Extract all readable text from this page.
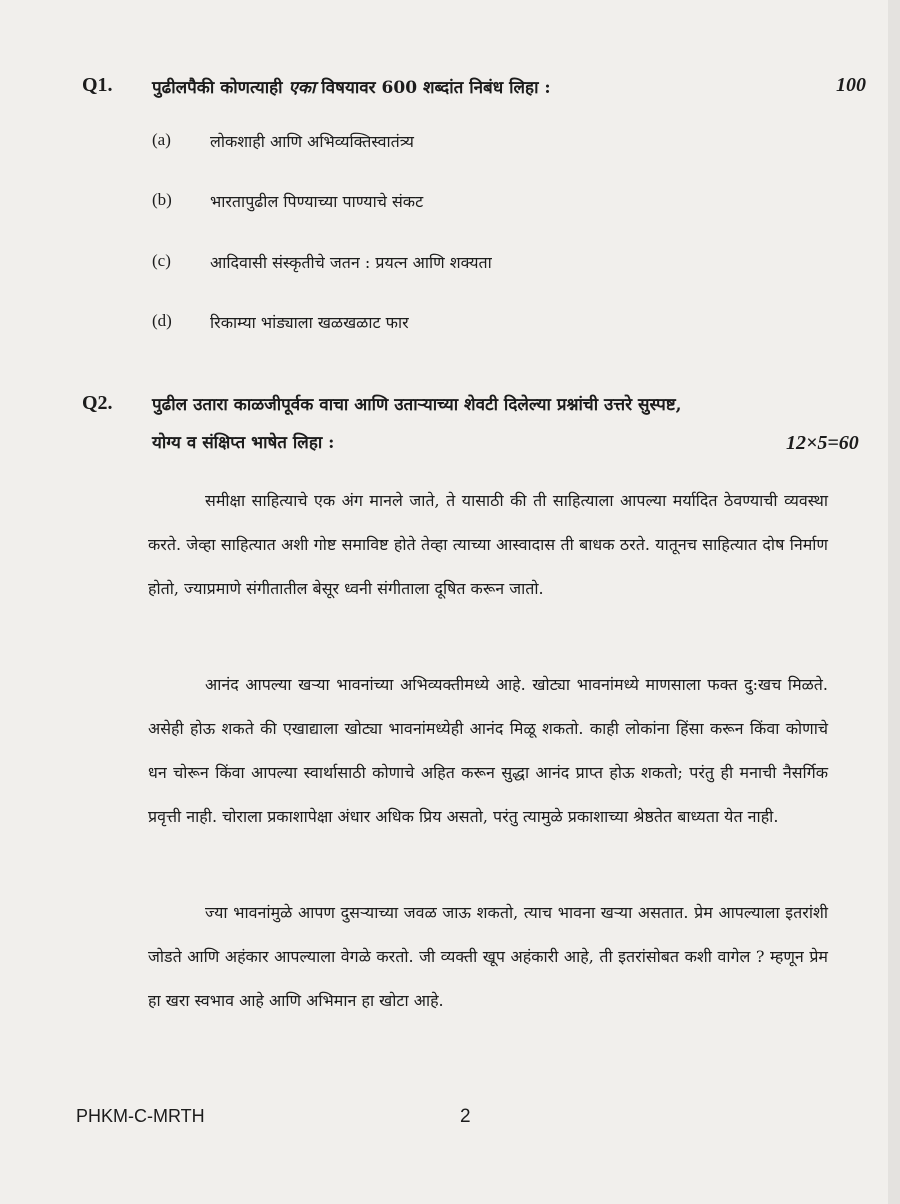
Q1. पुढीलपैकी कोणत्याही एका विषयावर 600 शब्दांत निबंध लिहा :	100
(a) लोकशाही आणि अभिव्यक्तिस्वातंत्र्य
(b) भारतापुढील पिण्याच्या पाण्याचे संकट
(c) आदिवासी संस्कृतीचे जतन : प्रयत्न आणि शक्यता
(d) रिकाम्या भांड्याला खळखळाट फार
Q2. पुढील उतारा काळजीपूर्वक वाचा आणि उताऱ्याच्या शेवटी दिलेल्या प्रश्नांची उत्तरे सुस्पष्ट,
योग्य व संक्षिप्त भाषेत लिहा :	12×5=60

समीक्षा साहित्याचे एक अंग मानले जाते, ते यासाठी की ती साहित्याला आपल्या मर्यादित ठेवण्याची व्यवस्था करते. जेव्हा साहित्यात अशी गोष्ट समाविष्ट होते तेव्हा त्याच्या आस्वादास ती बाधक ठरते. यातूनच साहित्यात दोष निर्माण होतो, ज्याप्रमाणे संगीतातील बेसूर ध्वनी संगीताला दूषित करून जातो.

आनंद आपल्या खऱ्या भावनांच्या अभिव्यक्तीमध्ये आहे. खोट्या भावनांमध्ये माणसाला फक्त दु:खच मिळते. असेही होऊ शकते की एखाद्याला खोट्या भावनांमध्येही आनंद मिळू शकतो. काही लोकांना हिंसा करून किंवा कोणाचे धन चोरून किंवा आपल्या स्वार्थासाठी कोणाचे अहित करून सुद्धा आनंद प्राप्त होऊ शकतो; परंतु ही मनाची नैसर्गिक प्रवृत्ती नाही. चोराला प्रकाशापेक्षा अंधार अधिक प्रिय असतो, परंतु त्यामुळे प्रकाशाच्या श्रेष्ठतेत बाध्यता येत नाही.

ज्या भावनांमुळे आपण दुसऱ्याच्या जवळ जाऊ शकतो, त्याच भावना खऱ्या असतात. प्रेम आपल्याला इतरांशी जोडते आणि अहंकार आपल्याला वेगळे करतो. जी व्यक्ती खूप अहंकारी आहे, ती इतरांसोबत कशी वागेल ? म्हणून प्रेम हा खरा स्वभाव आहे आणि अभिमान हा खोटा आहे.

PHKM-C-MRTH	2
